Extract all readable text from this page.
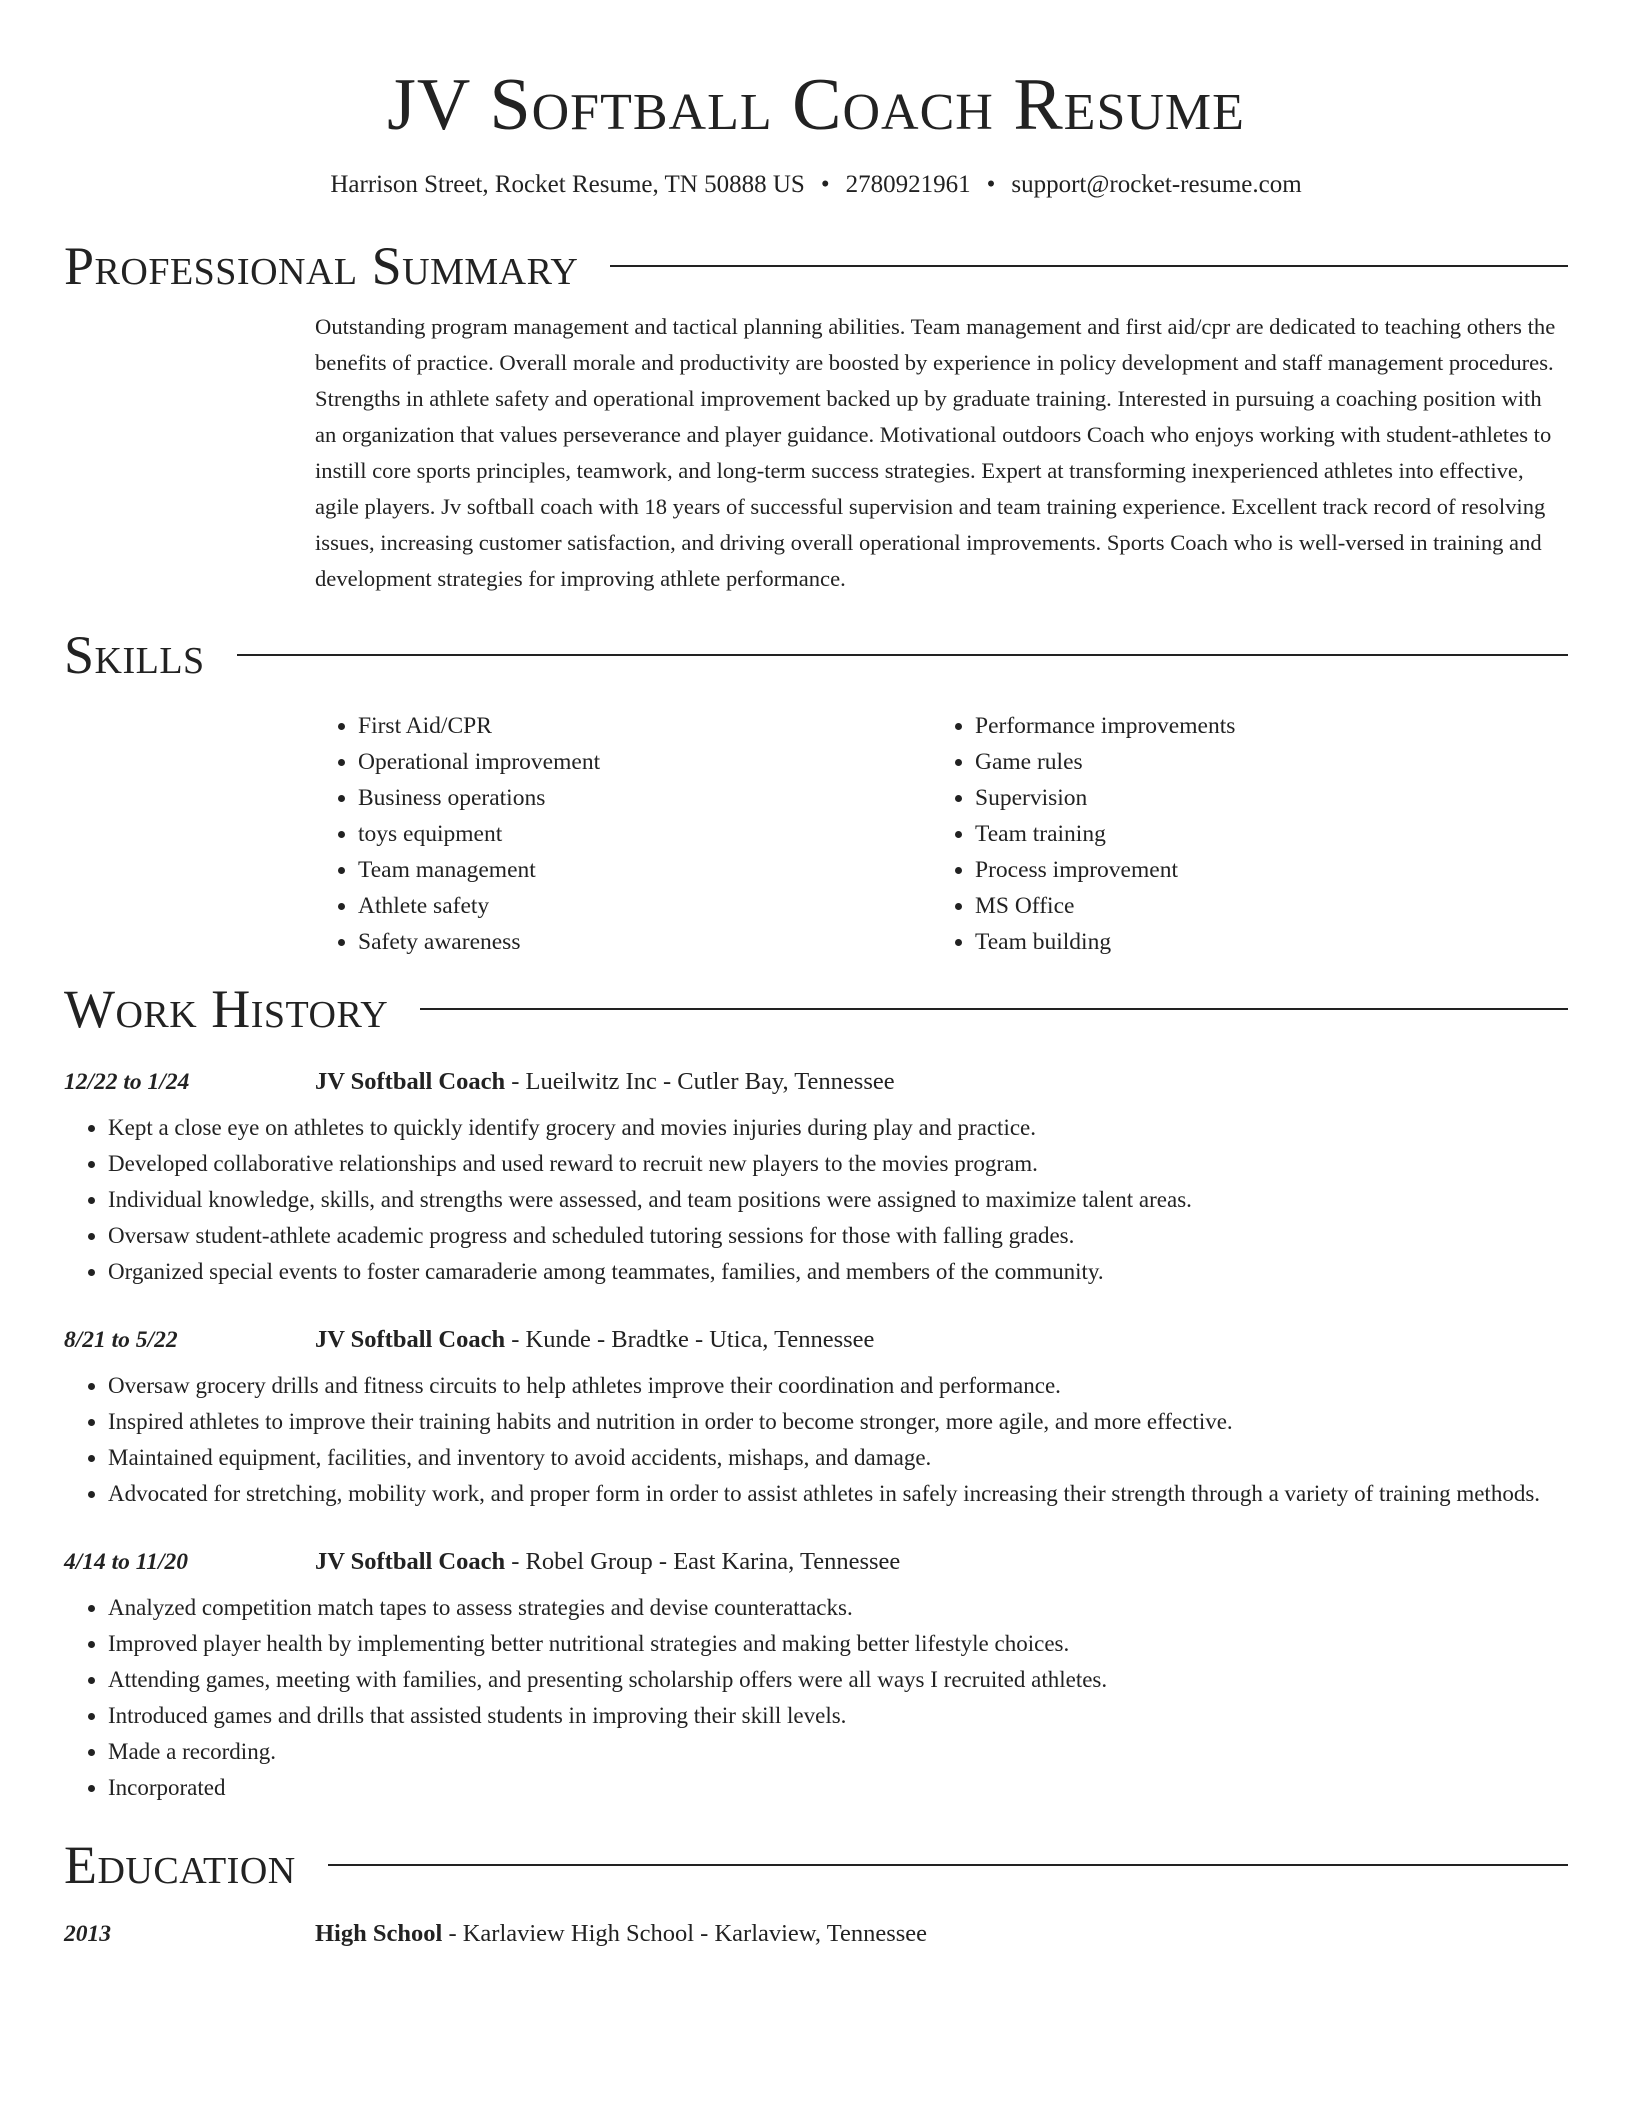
JV Softball Coach Resume
Harrison Street, Rocket Resume, TN 50888 US • 2780921961 • support@rocket-resume.com
Professional Summary

Outstanding program management and tactical planning abilities. Team management and first aid/cpr are dedicated to teaching others the benefits of practice. Overall morale and productivity are boosted by experience in policy development and staff management procedures. Strengths in athlete safety and operational improvement backed up by graduate training. Interested in pursuing a coaching position with an organization that values perseverance and player guidance. Motivational outdoors Coach who enjoys working with student-athletes to instill core sports principles, teamwork, and long-term success strategies. Expert at transforming inexperienced athletes into effective, agile players. Jv softball coach with 18 years of successful supervision and team training experience. Excellent track record of resolving issues, increasing customer satisfaction, and driving overall operational improvements. Sports Coach who is well-versed in training and development strategies for improving athlete performance.

Skills
• First Aid/CPR
• Operational improvement
• Business operations
• toys equipment
• Team management
• Athlete safety
• Safety awareness
• Performance improvements
• Game rules
• Supervision
• Team training
• Process improvement
• MS Office
• Team building
Work History
12/22 to 1/24	JV Softball Coach - Lueilwitz Inc - Cutler Bay, Tennessee
• Kept a close eye on athletes to quickly identify grocery and movies injuries during play and practice.
• Developed collaborative relationships and used reward to recruit new players to the movies program.
• Individual knowledge, skills, and strengths were assessed, and team positions were assigned to maximize talent areas.
• Oversaw student-athlete academic progress and scheduled tutoring sessions for those with falling grades.
• Organized special events to foster camaraderie among teammates, families, and members of the community.
8/21 to 5/22	JV Softball Coach - Kunde - Bradtke - Utica, Tennessee
• Oversaw grocery drills and fitness circuits to help athletes improve their coordination and performance.
• Inspired athletes to improve their training habits and nutrition in order to become stronger, more agile, and more effective.
• Maintained equipment, facilities, and inventory to avoid accidents, mishaps, and damage.
• Advocated for stretching, mobility work, and proper form in order to assist athletes in safely increasing their strength through a variety of training methods.
4/14 to 11/20	JV Softball Coach - Robel Group - East Karina, Tennessee
• Analyzed competition match tapes to assess strategies and devise counterattacks.
• Improved player health by implementing better nutritional strategies and making better lifestyle choices.
• Attending games, meeting with families, and presenting scholarship offers were all ways I recruited athletes.
• Introduced games and drills that assisted students in improving their skill levels.
• Made a recording.
• Incorporated
Education
2013	High School - Karlaview High School - Karlaview, Tennessee
